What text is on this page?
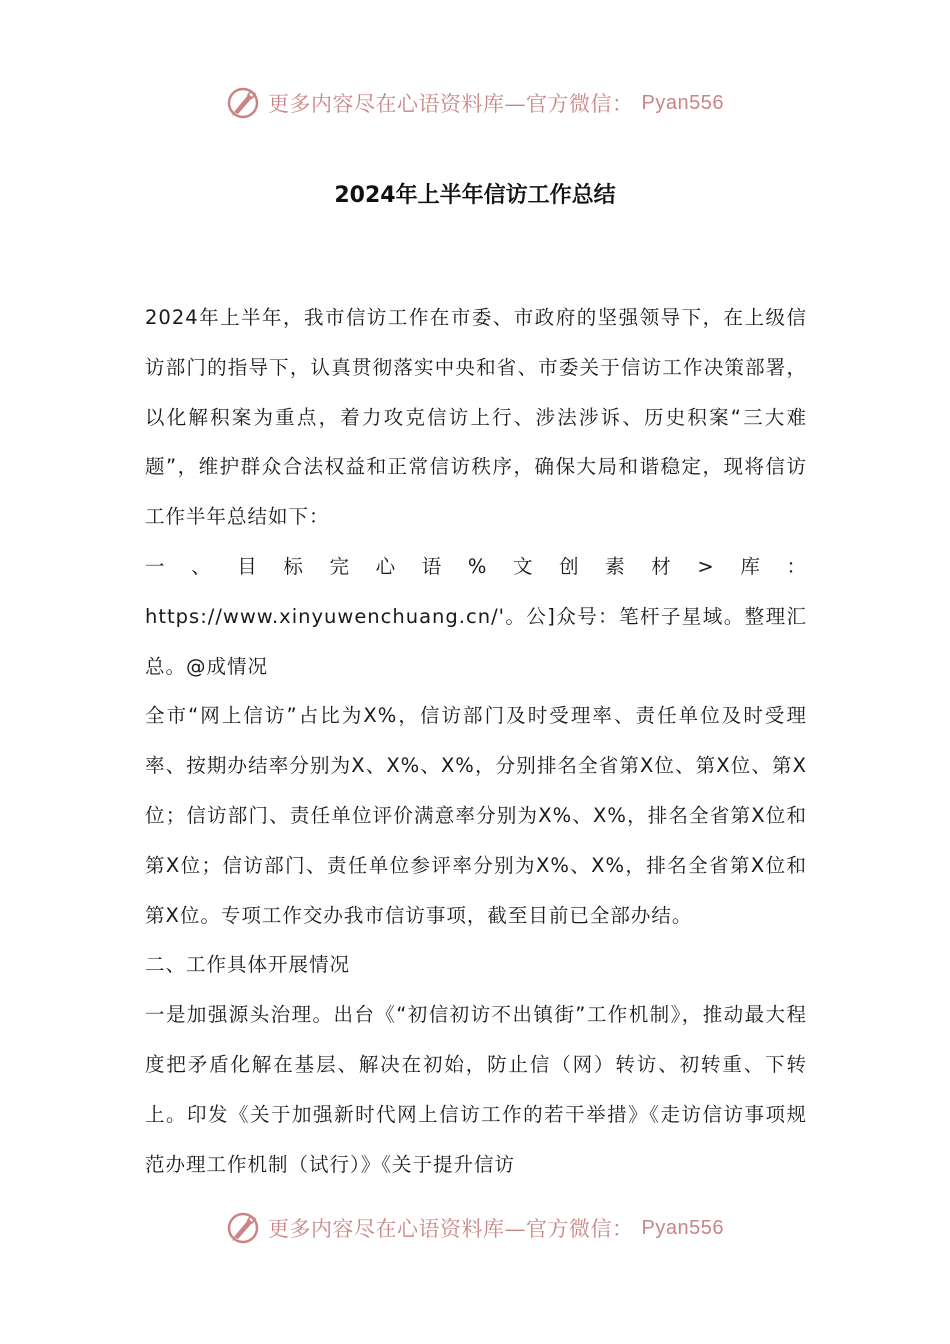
更多内容尽在心语资料库—官方微信： Pyan556
2024年上半年信访工作总结

2024年上半年，我市信访工作在市委、市政府的坚强领导下，在上级信访部门的指导下，认真贯彻落实中央和省、市委关于信访工作决策部署，以化解积案为重点，着力攻克信访上行、涉法涉诉、历史积案“三大难题”，维护群众合法权益和正常信访秩序，确保大局和谐稳定，现将信访工作半年总结如下：

一、目标完心语%文创素材>库：https://www.xinyuwenchuang.cn/'。公]众号：笔杆子星域。整理汇总。@成情况

全市“网上信访”占比为X%，信访部门及时受理率、责任单位及时受理率、按期办结率分别为X、X%、X%，分别排名全省第X位、第X位、第X位；信访部门、责任单位评价满意率分别为X%、X%，排名全省第X位和第X位；信访部门、责任单位参评率分别为X%、X%，排名全省第X位和第X位。专项工作交办我市信访事项，截至目前已全部办结。

二、工作具体开展情况

一是加强源头治理。出台《“初信初访不出镇街”工作机制》，推动最大程度把矛盾化解在基层、解决在初始，防止信（网）转访、初转重、下转上。印发《关于加强新时代网上信访工作的若干举措》《走访信访事项规范办理工作机制（试行）》《关于提升信访

更多内容尽在心语资料库—官方微信： Pyan556
